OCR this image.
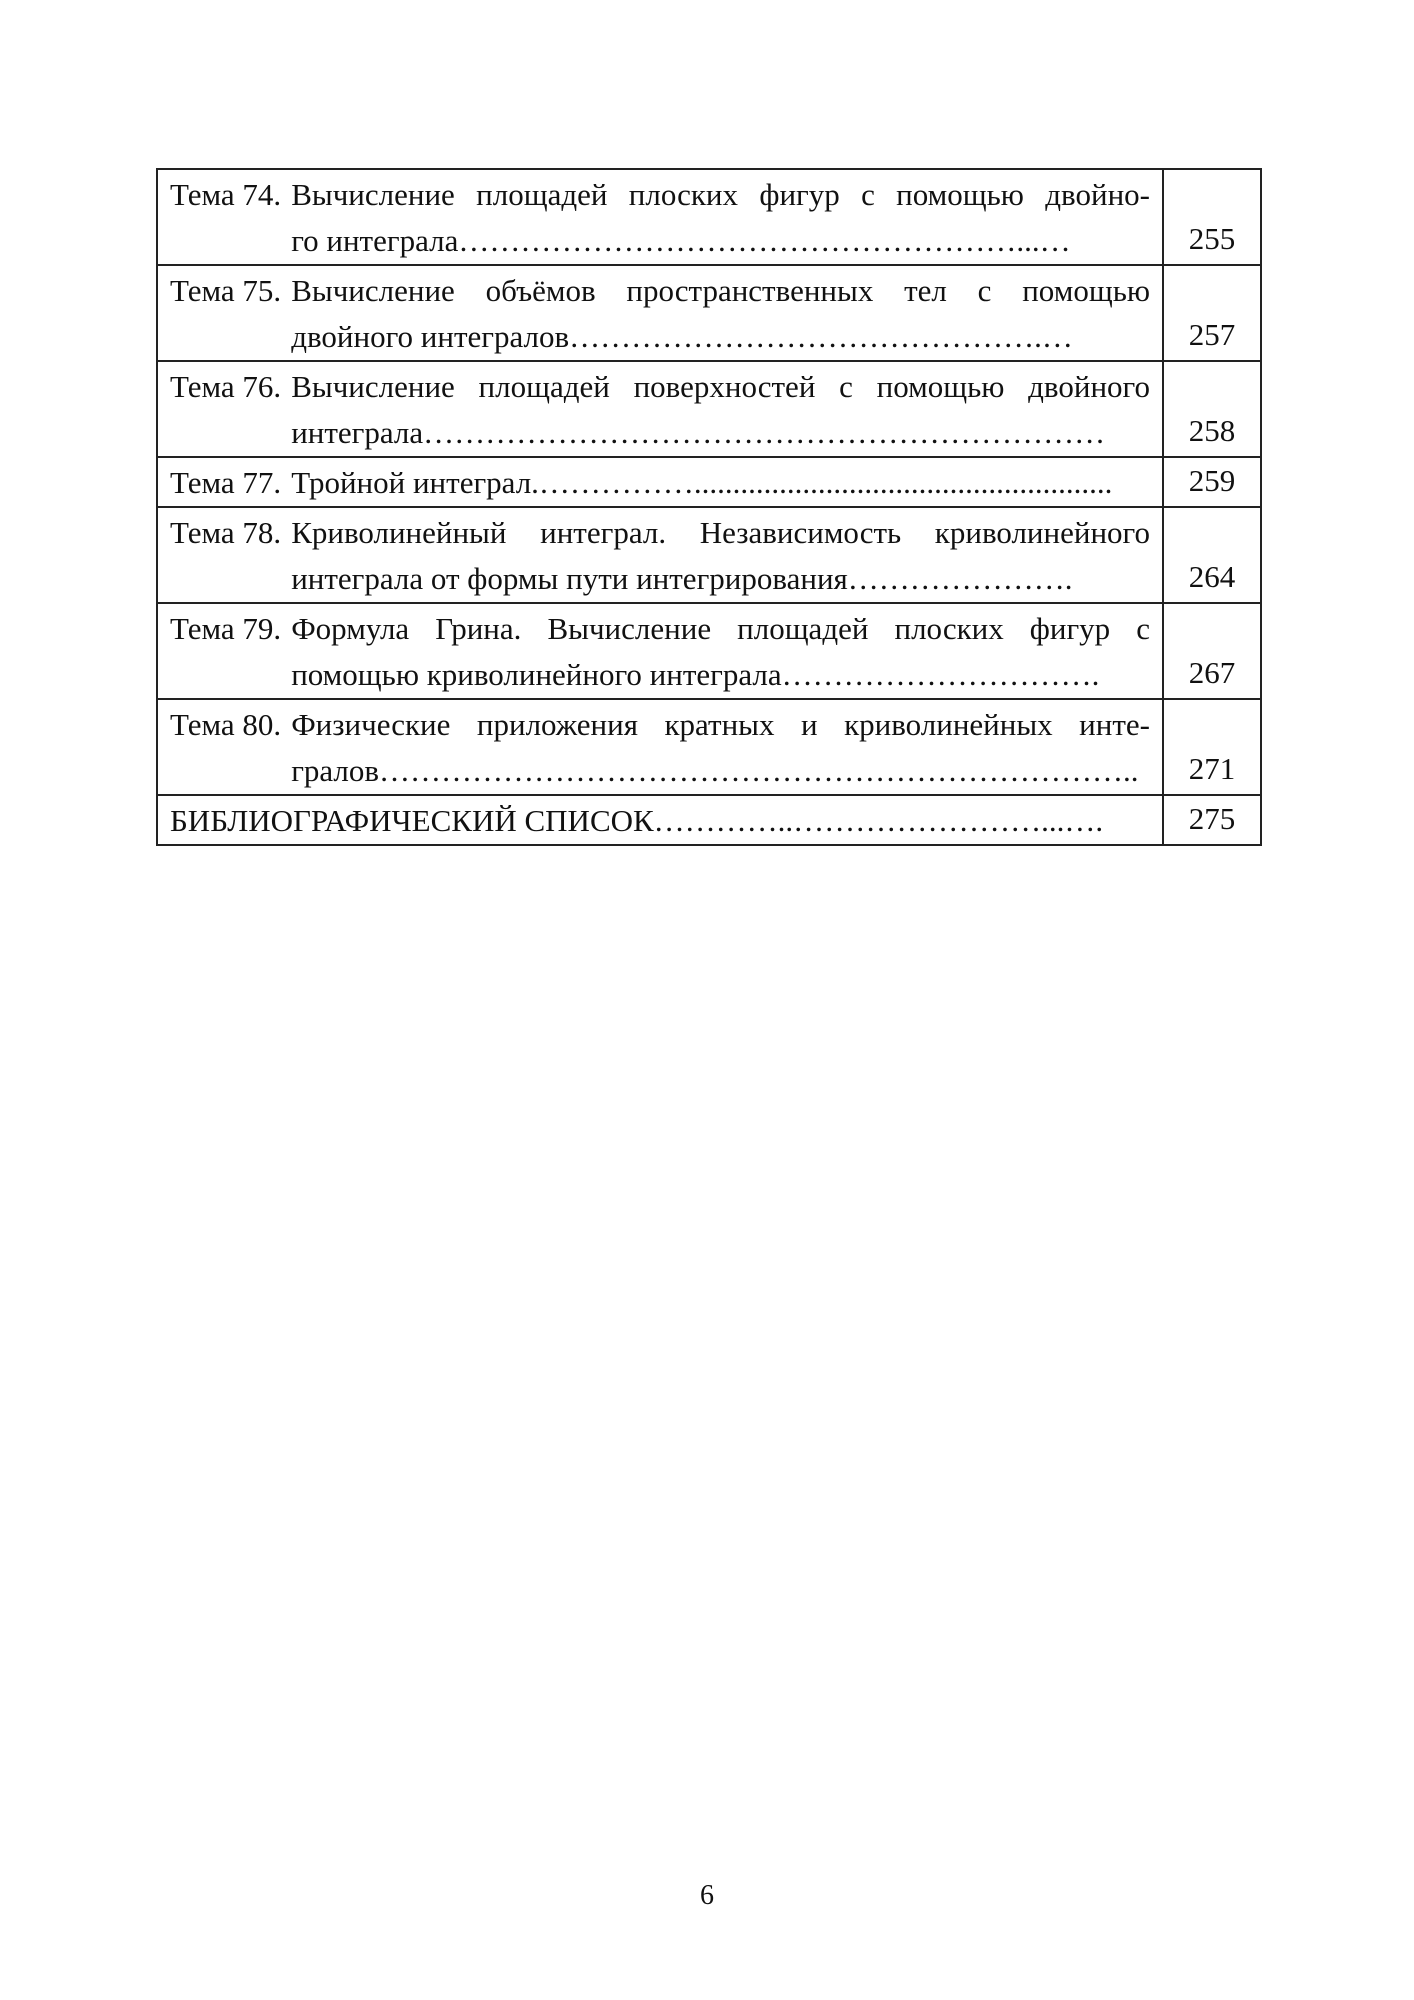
Тема 74. Вычисление площадей плоских фигур с помощью двойно-
го интеграла………………………………………………...…	255

Тема 75. Вычисление объёмов пространственных тел с помощью
двойного интегралов……………………………………….…	257

Тема 76. Вычисление площадей поверхностей с помощью двойного
интеграла…………………………………………………………	258

Тема 77. Тройной интеграл.……………......................................................	259

Тема 78. Криволинейный интеграл. Независимость криволинейного
интеграла от формы пути интегрирования………………….	264

Тема 79. Формула Грина. Вычисление площадей плоских фигур с
помощью криволинейного интеграла………………………….	267

Тема 80. Физические приложения кратных и криволинейных инте-
гралов………………………………………………………………..	271

БИБЛИОГРАФИЧЕСКИЙ СПИСОК…………..……………………...….	275
6
